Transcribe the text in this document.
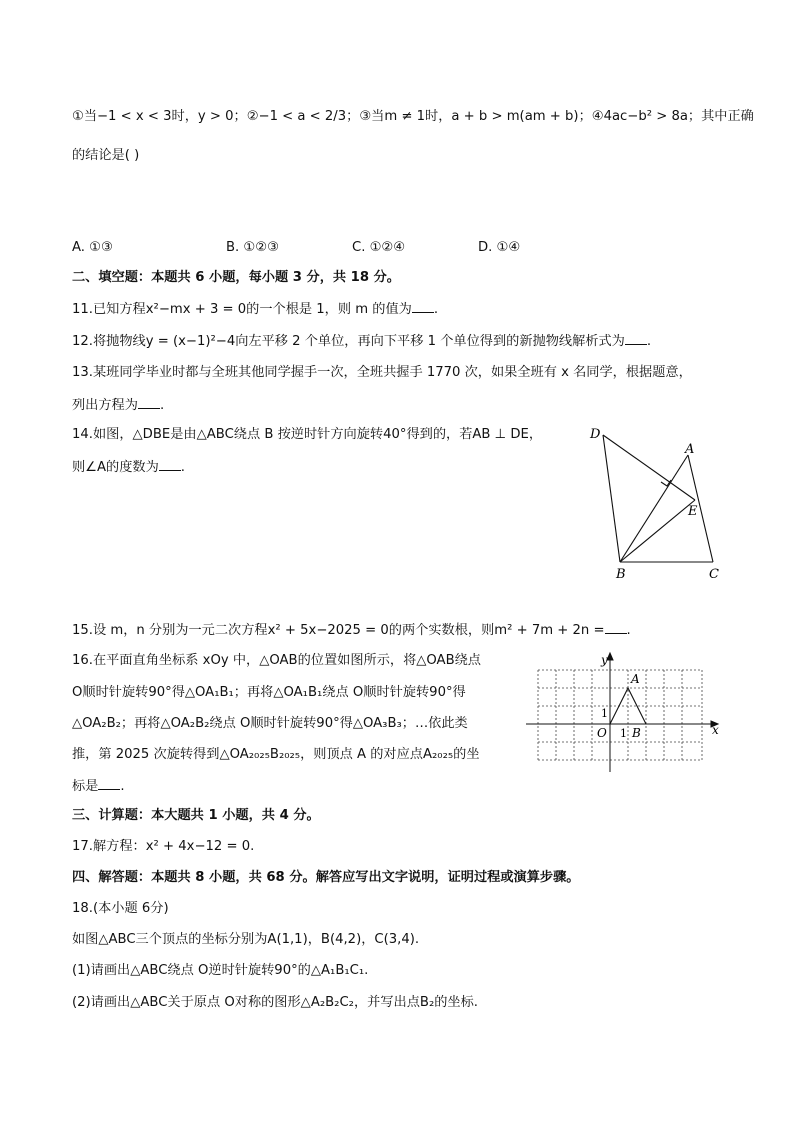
①当−1 < x < 3时，y > 0；②−1 < a < 2/3；③当m ≠ 1时，a + b > m(am + b)；④4ac−b² > 8a；其中正确
的结论是( )
A. ①③	B. ①②③	C. ①②④	D. ①④
二、填空题：本题共 6 小题，每小题 3 分，共 18 分。
11.已知方程x²−mx + 3 = 0的一个根是 1，则 m 的值为 .
12.将抛物线y = (x−1)²−4向左平移 2 个单位，再向下平移 1 个单位得到的新抛物线解析式为 .
13.某班同学毕业时都与全班其他同学握手一次，全班共握手 1770 次，如果全班有 x 名同学，根据题意，
列出方程为 .
14.如图，△DBE是由△ABC绕点 B 按逆时针方向旋转40°得到的，若AB ⊥ DE，
则∠A的度数为 .
D
A
E
B	C
15.设 m，n 分别为一元二次方程x² + 5x−2025 = 0的两个实数根，则m² + 7m + 2n = .
16.在平面直角坐标系 xOy 中，△OAB的位置如图所示，将△OAB绕点
O顺时针旋转90°得△OA₁B₁；再将△OA₁B₁绕点 O顺时针旋转90°得
△OA₂B₂；再将△OA₂B₂绕点 O顺时针旋转90°得△OA₃B₃；…依此类
推，第 2025 次旋转得到△OA₂₀₂₅B₂₀₂₅，则顶点 A 的对应点A₂₀₂₅的坐
标是 .
y
x
O
A
B
1
1
三、计算题：本大题共 1 小题，共 4 分。
17.解方程：x² + 4x−12 = 0.
四、解答题：本题共 8 小题，共 68 分。解答应写出文字说明，证明过程或演算步骤。
18.(本小题 6分)
如图△ABC三个顶点的坐标分别为A(1,1)，B(4,2)，C(3,4).
(1)请画出△ABC绕点 O逆时针旋转90°的△A₁B₁C₁.
(2)请画出△ABC关于原点 O对称的图形△A₂B₂C₂，并写出点B₂的坐标.
